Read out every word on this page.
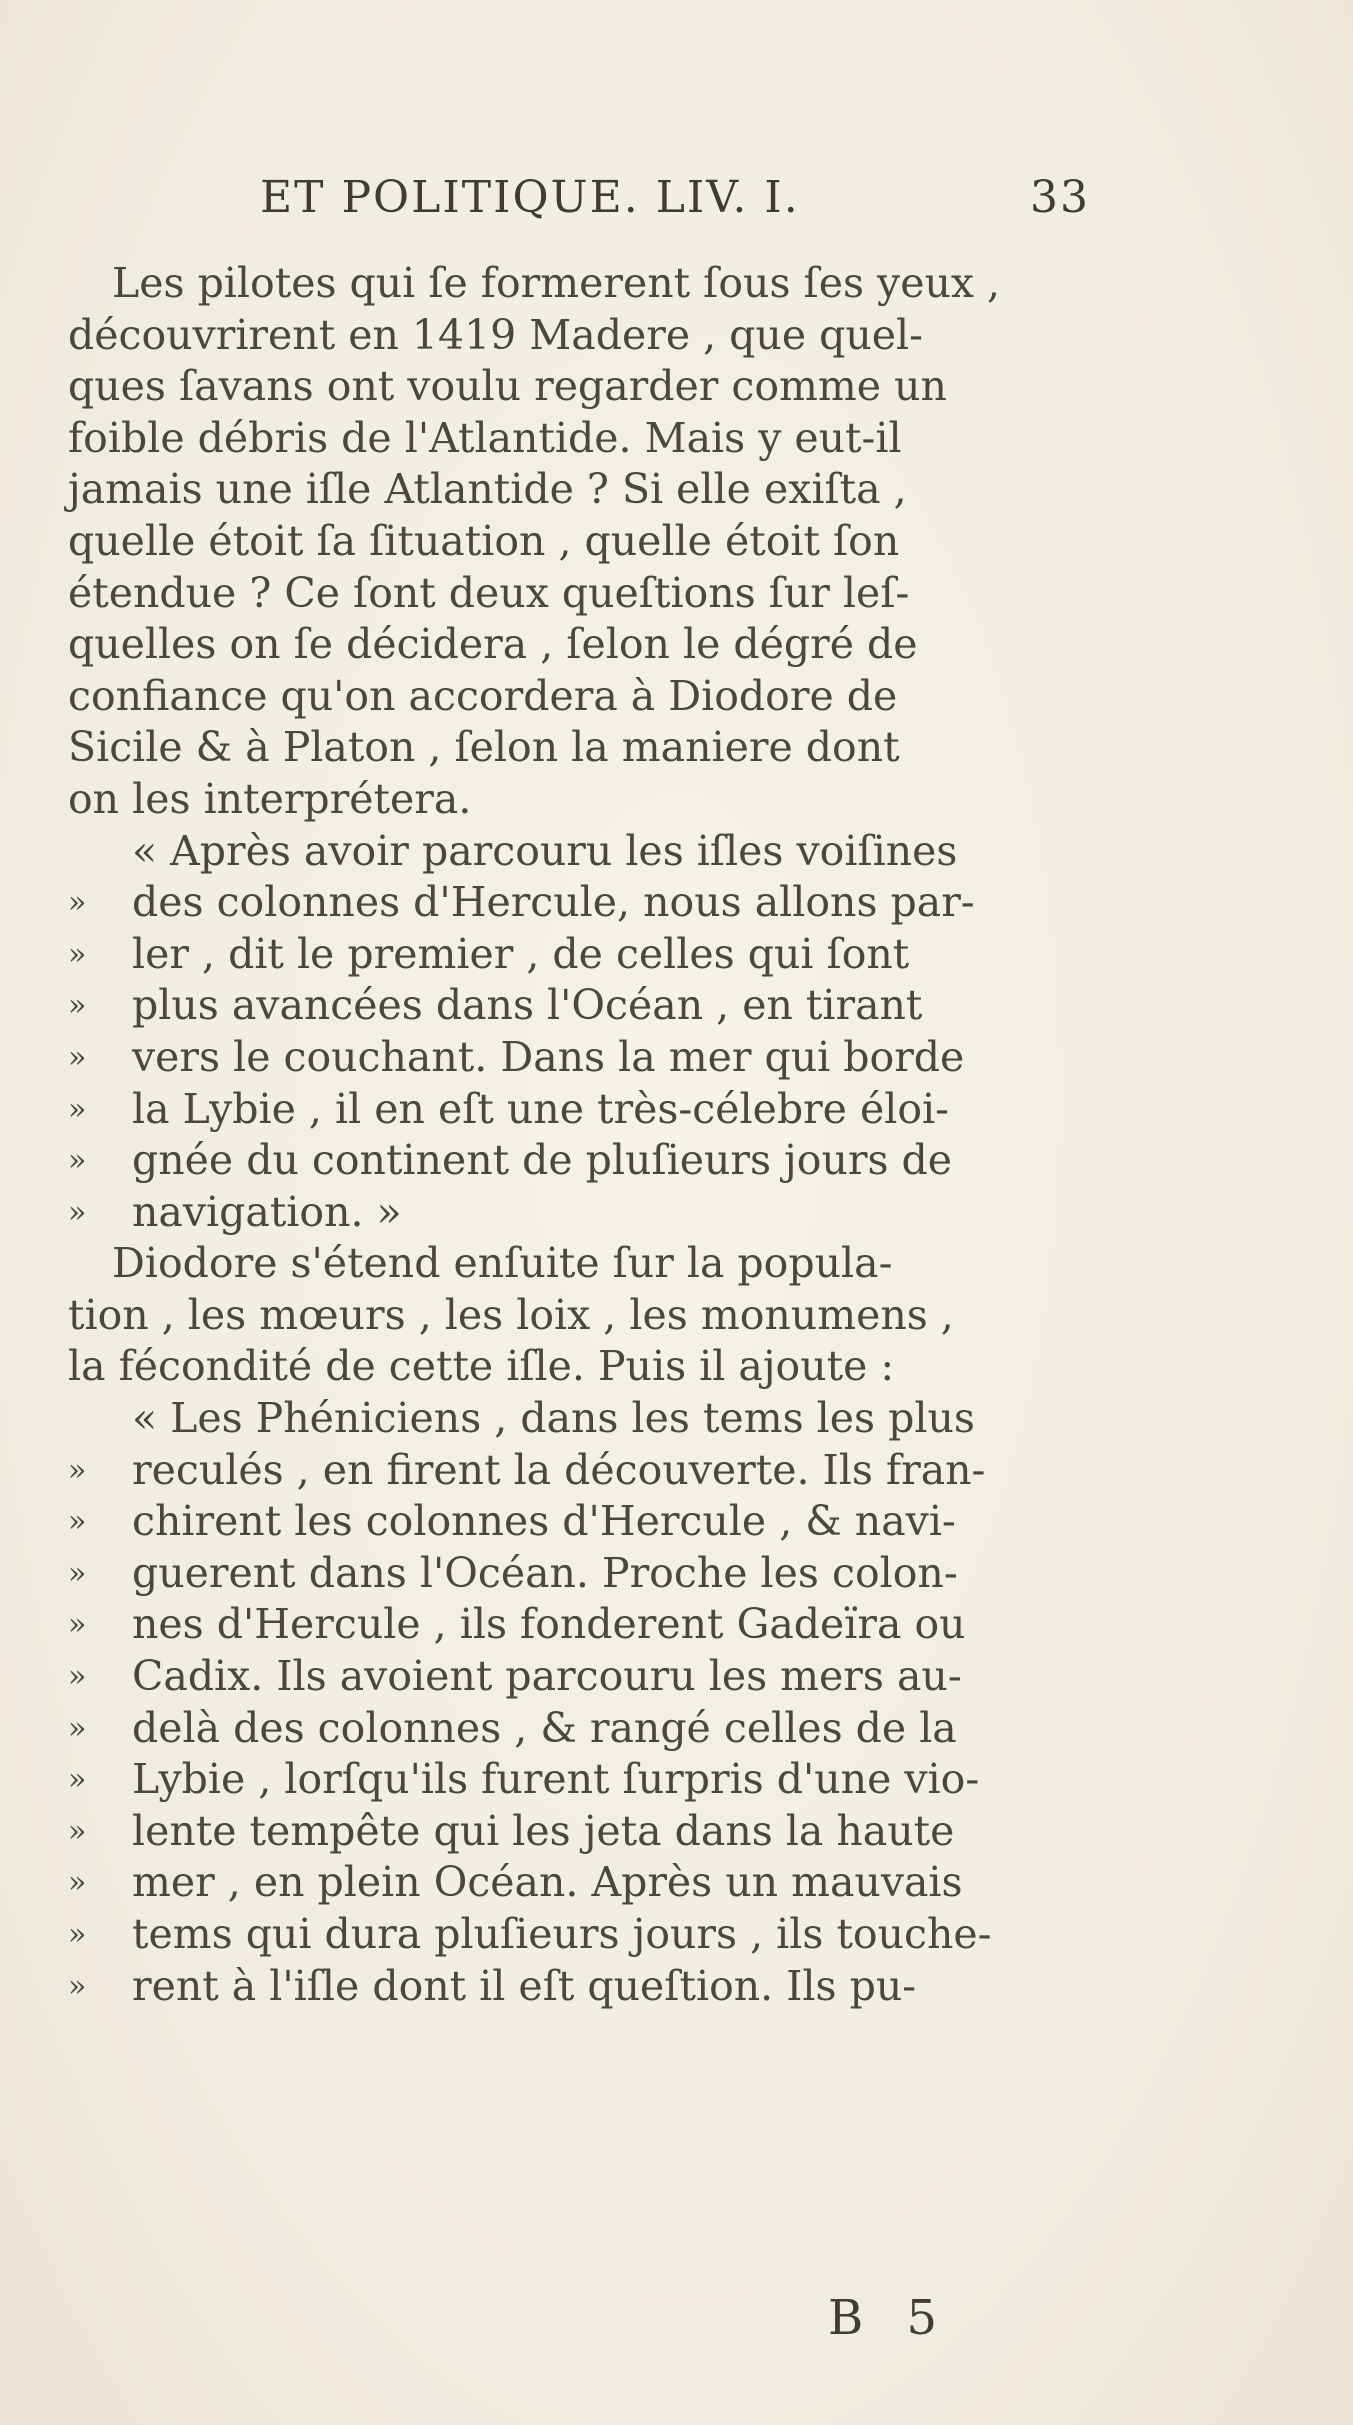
ET POLITIQUE. LIV. I.	33
Les pilotes qui ſe formerent ſous ſes yeux ,
découvrirent en 1419 Madere , que quel-
ques ſavans ont voulu regarder comme un
foible débris de l'Atlantide. Mais y eut-il
jamais une iſle Atlantide ? Si elle exiſta ,
quelle étoit ſa ſituation , quelle étoit ſon
étendue ? Ce ſont deux queſtions ſur leſ-
quelles on ſe décidera , ſelon le dégré de
confiance qu'on accordera à Diodore de
Sicile & à Platon , ſelon la maniere dont
on les interprétera.
« Après avoir parcouru les iſles voiſines
»	des colonnes d'Hercule, nous allons par-
»	ler , dit le premier , de celles qui ſont
»	plus avancées dans l'Océan , en tirant
»	vers le couchant. Dans la mer qui borde
»	la Lybie , il en eſt une très-célebre éloi-
»	gnée du continent de pluſieurs jours de
»	navigation. »
Diodore s'étend enſuite ſur la popula-
tion , les mœurs , les loix , les monumens ,
la fécondité de cette iſle. Puis il ajoute :
« Les Phéniciens , dans les tems les plus
»	reculés , en firent la découverte. Ils fran-
»	chirent les colonnes d'Hercule , & navi-
»	guerent dans l'Océan. Proche les colon-
»	nes d'Hercule , ils fonderent Gadeïra ou
»	Cadix. Ils avoient parcouru les mers au-
»	delà des colonnes , & rangé celles de la
»	Lybie , lorſqu'ils furent ſurpris d'une vio-
»	lente tempête qui les jeta dans la haute
»	mer , en plein Océan. Après un mauvais
»	tems qui dura pluſieurs jours , ils touche-
»	rent à l'iſle dont il eſt queſtion. Ils pu-
B 5
